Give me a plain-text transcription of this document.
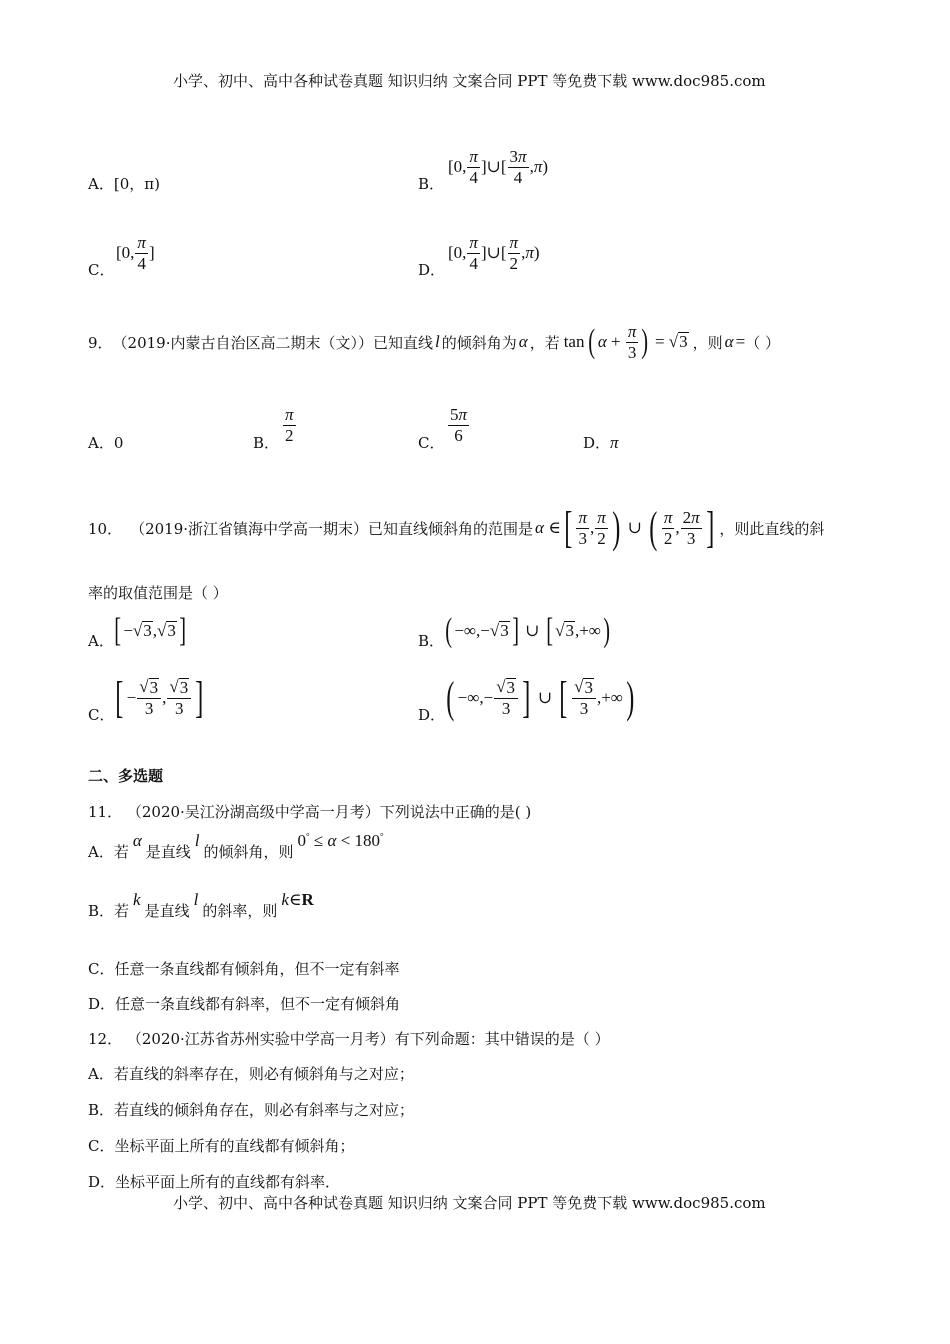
小学、初中、高中各种试卷真题 知识归纳 文案合同 PPT 等免费下载 www.doc985.com
A．[0，π)	B．
[0, $\frac{\pi}{4}$ ]∪[ $\frac{3\pi}{4} ,\pi$)
C．
[0, $\frac{\pi}{4}$ ]
D．
[0, $\frac{\pi}{4}$ ]∪[ $\frac{\pi}{2} ,\pi$)
9． （2019·内蒙古自治区高二期末（文））已知直线 l 的倾斜角为 α ，若 tan ( $\alpha + \frac{\pi}{3}$ ) = √ 3 ，则 α = （ ）
A．0	B． $\frac{\pi}{2}$	C． $\frac{5\pi}{6}$	D．π
10． （2019·浙江省镇海中学高一期末）已知直线倾斜角的范围是 α ∈ [ $\frac{\pi}{3}$ , $\frac{\pi}{2}$ ) ∪ ( $\frac{\pi}{2}$ , $\frac{2\pi}{3}$ ] ，则此直线的斜
率的取值范围是（ ）
A． [ − √ 3 , √ 3 ]	B． ( −∞,− √ 3 ] ∪ [ √ 3 ,+∞ )
C． [ − $\frac{√ 3}{3}$ , $\frac{√ 3}{3}$ ]	D． ( −∞,− $\frac{√ 3}{3}$ ] ∪ [ $\frac{√ 3}{3}$ ,+∞ )
二、多选题
11． （2020·吴江汾湖高级中学高一月考）下列说法中正确的是( )
A．若
α
是直线
l
的倾斜角，则
0° ≤ α < 180°
B．若
k
是直线
l
的斜率，则
k∈R
C．任意一条直线都有倾斜角，但不一定有斜率
D．任意一条直线都有斜率，但不一定有倾斜角
12． （2020·江苏省苏州实验中学高一月考）有下列命题：其中错误的是（ ）
A．若直线的斜率存在，则必有倾斜角与之对应；
B．若直线的倾斜角存在，则必有斜率与之对应；
C．坐标平面上所有的直线都有倾斜角；
D．坐标平面上所有的直线都有斜率．
小学、初中、高中各种试卷真题 知识归纳 文案合同 PPT 等免费下载 www.doc985.com
